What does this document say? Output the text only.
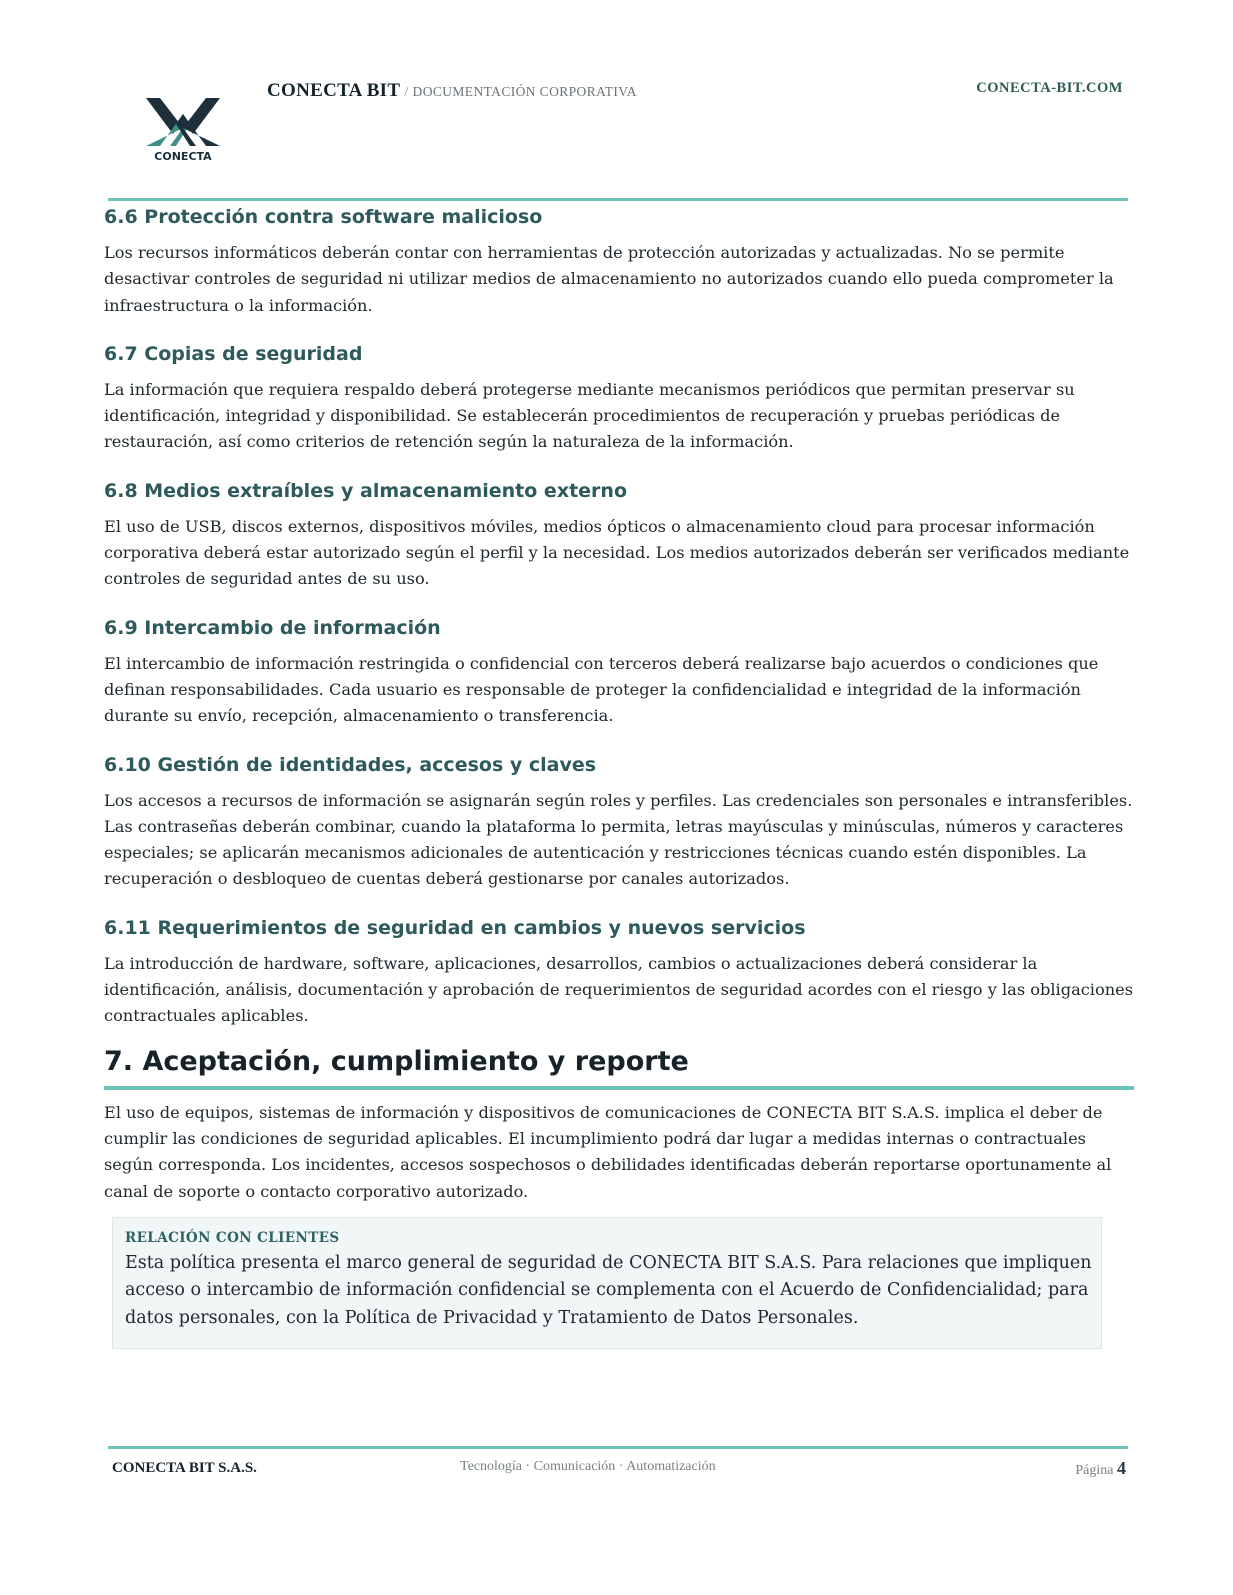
CONECTA
CONECTA BIT / DOCUMENTACIÓN CORPORATIVA	CONECTA-BIT.COM
6.6 Protección contra software malicioso

Los recursos informáticos deberán contar con herramientas de protección autorizadas y actualizadas. No se permite desactivar controles de seguridad ni utilizar medios de almacenamiento no autorizados cuando ello pueda comprometer la infraestructura o la información.

6.7 Copias de seguridad

La información que requiera respaldo deberá protegerse mediante mecanismos periódicos que permitan preservar su identificación, integridad y disponibilidad. Se establecerán procedimientos de recuperación y pruebas periódicas de restauración, así como criterios de retención según la naturaleza de la información.

6.8 Medios extraíbles y almacenamiento externo

El uso de USB, discos externos, dispositivos móviles, medios ópticos o almacenamiento cloud para procesar información corporativa deberá estar autorizado según el perfil y la necesidad. Los medios autorizados deberán ser verificados mediante controles de seguridad antes de su uso.

6.9 Intercambio de información

El intercambio de información restringida o confidencial con terceros deberá realizarse bajo acuerdos o condiciones que definan responsabilidades. Cada usuario es responsable de proteger la confidencialidad e integridad de la información durante su envío, recepción, almacenamiento o transferencia.

6.10 Gestión de identidades, accesos y claves

Los accesos a recursos de información se asignarán según roles y perfiles. Las credenciales son personales e intransferibles. Las contraseñas deberán combinar, cuando la plataforma lo permita, letras mayúsculas y minúsculas, números y caracteres especiales; se aplicarán mecanismos adicionales de autenticación y restricciones técnicas cuando estén disponibles. La recuperación o desbloqueo de cuentas deberá gestionarse por canales autorizados.

6.11 Requerimientos de seguridad en cambios y nuevos servicios

La introducción de hardware, software, aplicaciones, desarrollos, cambios o actualizaciones deberá considerar la identificación, análisis, documentación y aprobación de requerimientos de seguridad acordes con el riesgo y las obligaciones contractuales aplicables.

7. Aceptación, cumplimiento y reporte

El uso de equipos, sistemas de información y dispositivos de comunicaciones de CONECTA BIT S.A.S. implica el deber de cumplir las condiciones de seguridad aplicables. El incumplimiento podrá dar lugar a medidas internas o contractuales según corresponda. Los incidentes, accesos sospechosos o debilidades identificadas deberán reportarse oportunamente al canal de soporte o contacto corporativo autorizado.

RELACIÓN CON CLIENTES
Esta política presenta el marco general de seguridad de CONECTA BIT S.A.S. Para relaciones que impliquen acceso o intercambio de información confidencial se complementa con el Acuerdo de Confidencialidad; para datos personales, con la Política de Privacidad y Tratamiento de Datos Personales.
CONECTA BIT S.A.S.	Tecnología · Comunicación · Automatización	Página 4
